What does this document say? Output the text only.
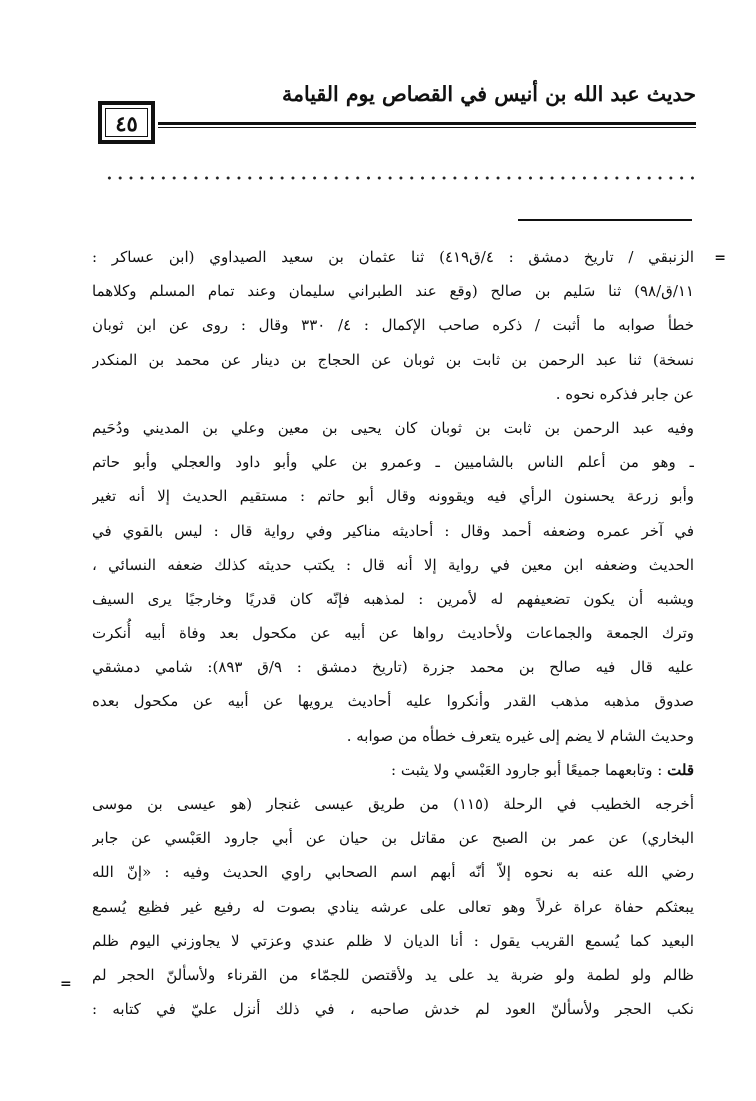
حديث عبد الله بن أنيس في القصاص يوم القيامة
٤٥
=
=
الزنبقي / تاريخ دمشق : ٤/ق٤١٩) ثنا عثمان بن سعيد الصيداوي (ابن عساكر :
١١/ق/٩٨) ثنا سَليم بن صالح (وقع عند الطبراني سليمان وعند تمام المسلم وكلاهما
خطأ صوابه ما أثبت / ذكره صاحب الإكمال : ٤/ ٣٣٠ وقال : روى عن ابن ثوبان
نسخة) ثنا عبد الرحمن بن ثابت بن ثوبان عن الحجاج بن دينار عن محمد بن المنكدر
عن جابر فذكره نحوه .
وفيه عبد الرحمن بن ثابت بن ثوبان كان يحيى بن معين وعلي بن المديني ودُحَيم
ـ وهو من أعلم الناس بالشاميين ـ وعمرو بن علي وأبو داود والعجلي وأبو حاتم
وأبو زرعة يحسنون الرأي فيه ويقوونه وقال أبو حاتم : مستقيم الحديث إلا أنه تغير
في آخر عمره وضعفه أحمد وقال : أحاديثه مناكير وفي رواية قال : ليس بالقوي في
الحديث وضعفه ابن معين في رواية إلا أنه قال : يكتب حديثه كذلك ضعفه النسائي ،
ويشبه أن يكون تضعيفهم له لأمرين : لمذهبه فإنّه كان قدريًا وخارجيًا يرى السيف
وترك الجمعة والجماعات ولأحاديث رواها عن أبيه عن مكحول بعد وفاة أبيه أُنكرت
عليه قال فيه صالح بن محمد جزرة (تاريخ دمشق : ٩/ق ٨٩٣): شامي دمشقي
صدوق مذهبه مذهب القدر وأنكروا عليه أحاديث يرويها عن أبيه عن مكحول بعده
وحديث الشام لا يضم إلى غيره يتعرف خطأه من صوابه .
قلت : وتابعهما جميعًا أبو جارود العَبْسي ولا يثبت :
أخرجه الخطيب في الرحلة (١١٥) من طريق عيسى غنجار (هو عيسى بن موسى
البخاري) عن عمر بن الصبح عن مقاتل بن حيان عن أبي جارود العَبْسي عن جابر
رضي الله عنه به نحوه إلاّ أنّه أبهم اسم الصحابي راوي الحديث وفيه : «إنّ الله
يبعثكم حفاة عراة غرلاً وهو تعالى على عرشه ينادي بصوت له رفيع غير فظيع يُسمع
البعيد كما يُسمع القريب يقول : أنا الديان لا ظلم عندي وعزتي لا يجاوزني اليوم ظلم
ظالم ولو لطمة ولو ضربة يد على يد ولأقتصن للجمّاء من القرناء ولأسألنّ الحجر لم
نكب الحجر ولأسألنّ العود لم خدش صاحبه ، في ذلك أنزل عليّ في كتابه :
